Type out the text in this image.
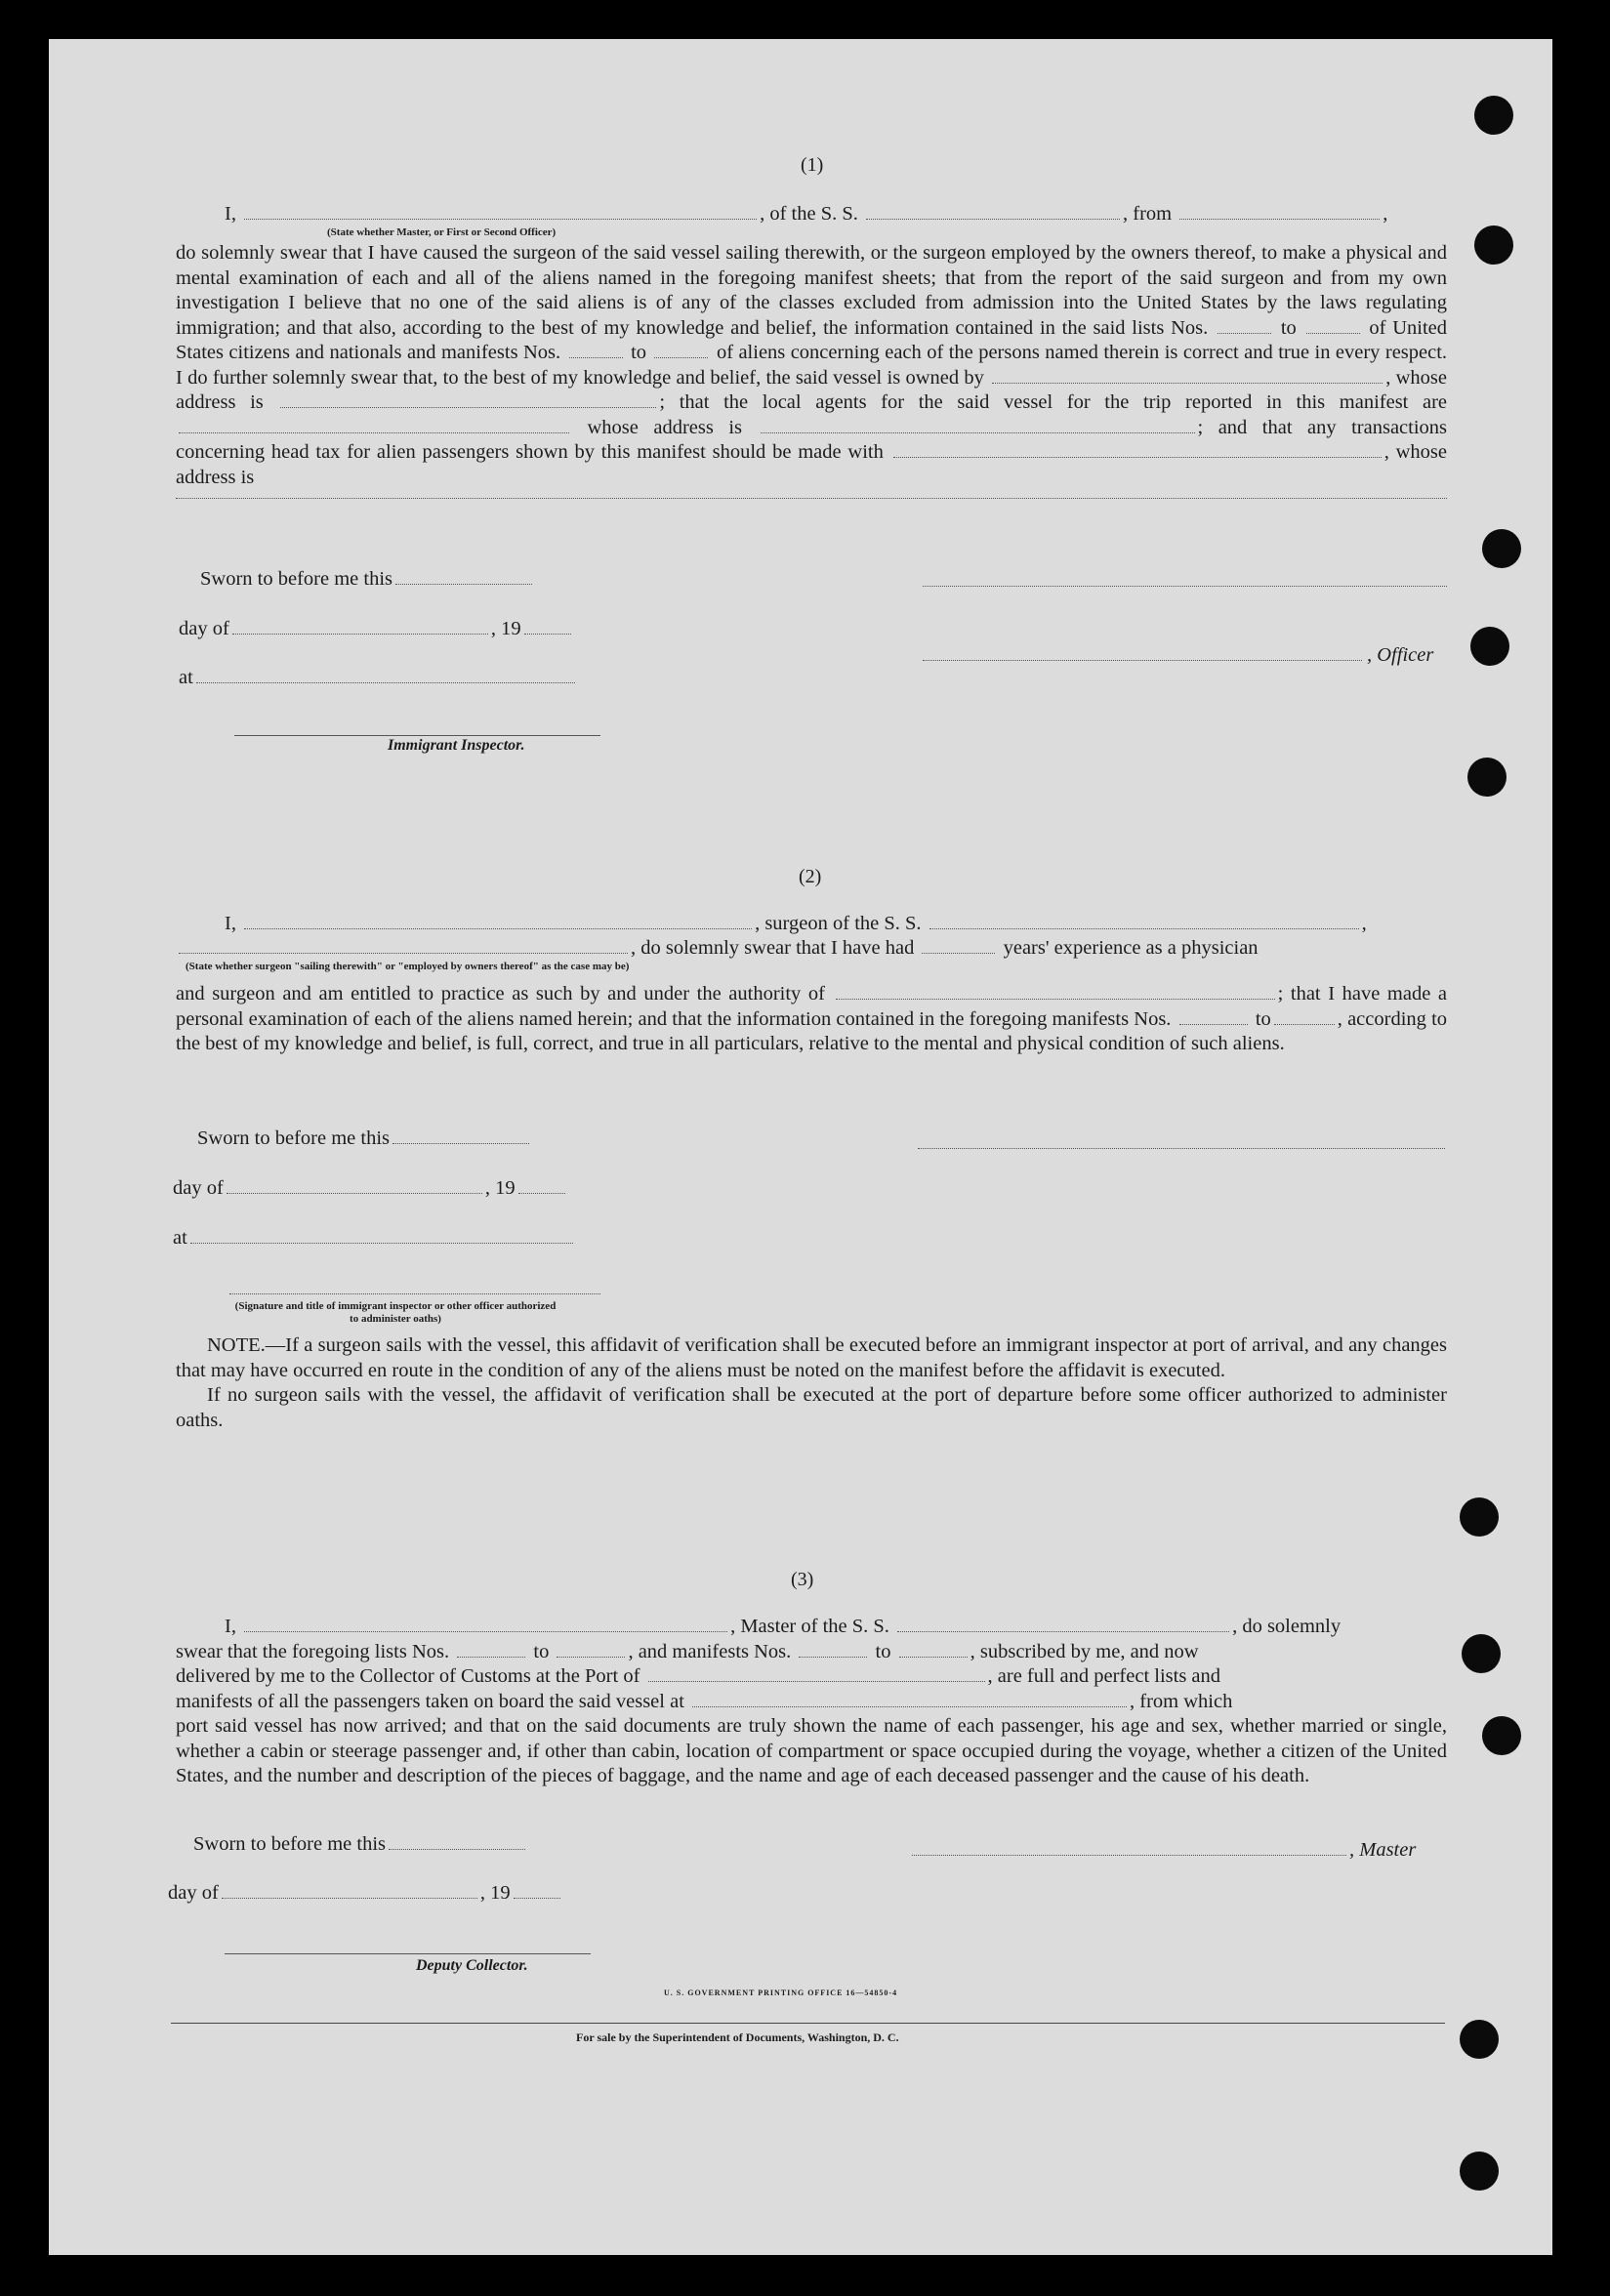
(1)
I,	, of the S. S.	, from	,
(State whether Master, or First or Second Officer)

do solemnly swear that I have caused the surgeon of the said vessel sailing therewith, or the surgeon employed by the owners thereof, to make a physical and mental examination of each and all of the aliens named in the foregoing manifest sheets; that from the report of the said surgeon and from my own investigation I believe that no one of the said aliens is of any of the classes excluded from admission into the United States by the laws regulating immigration; and that also, according to the best of my knowledge and belief, the information contained in the said lists Nos.	to	of United States citizens and nationals and manifests Nos.	to	of aliens concerning each of the persons named therein is correct and true in every respect. I do further solemnly swear that, to the best of my knowledge and belief, the said vessel is owned by	, whose address is	; that the local agents for the said vessel for the trip reported in this manifest are  whose address is	; and that any transactions concerning head tax for alien passengers shown by this manifest should be made with	, whose address is

Sworn to before me this
day of	, 19
, Officer
at
Immigrant Inspector.
(2)
I,	, surgeon of the S. S.	,
, do solemnly swear that I have had	years' experience as a physician
(State whether surgeon "sailing therewith" or "employed by owners thereof" as the case may be)

and surgeon and am entitled to practice as such by and under the authority of	; that I have made a personal examination of each of the aliens named herein; and that the information contained in the foregoing manifests Nos.	to	, according to the best of my knowledge and belief, is full, correct, and true in all particulars, relative to the mental and physical condition of such aliens.

Sworn to before me this
day of	, 19
at
(Signature and title of immigrant inspector or other officer authorized to administer oaths)

NOTE.—If a surgeon sails with the vessel, this affidavit of verification shall be executed before an immigrant inspector at port of arrival, and any changes that may have occurred en route in the condition of any of the aliens must be noted on the manifest before the affidavit is executed.

If no surgeon sails with the vessel, the affidavit of verification shall be executed at the port of departure before some officer authorized to administer oaths.

(3)

I,	, Master of the S. S.	, do solemnly

swear that the foregoing lists Nos.	to	, and manifests Nos.	to	, subscribed by me, and now

delivered by me to the Collector of Customs at the Port of	, are full and perfect lists and

manifests of all the passengers taken on board the said vessel at	, from which

port said vessel has now arrived; and that on the said documents are truly shown the name of each passenger, his age and sex, whether married or single, whether a cabin or steerage passenger and, if other than cabin, location of compartment or space occupied during the voyage, whether a citizen of the United States, and the number and description of the pieces of baggage, and the name and age of each deceased passenger and the cause of his death.

Sworn to before me this	, Master
day of	, 19
Deputy Collector.
U. S. GOVERNMENT PRINTING OFFICE 16—54850-4
For sale by the Superintendent of Documents, Washington, D. C.
